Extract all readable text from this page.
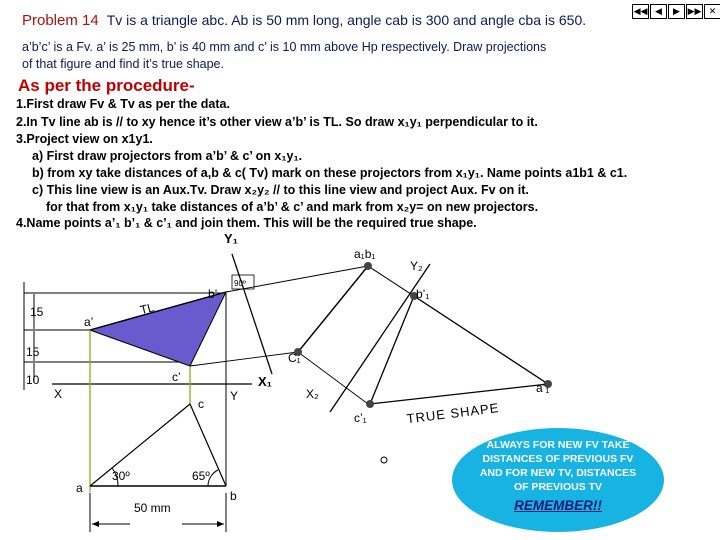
◀◀ ◀	▶ ▶▶ ✕
Problem 14 Tv is a triangle abc. Ab is 50 mm long, angle cab is 300 and angle cba is 650.
a’b’c’ is a Fv. a’ is 25 mm, b’ is 40 mm and c’ is 10 mm above Hp respectively. Draw projections
of that figure and find it’s true shape.
As per the procedure-
1.First draw Fv & Tv as per the data.
2.In Tv line ab is // to xy hence it’s other view a’b’ is TL. So draw x₁y₁ perpendicular to it.
3.Project view on x1y1.
a) First draw projectors from a’b’ & c’ on x₁y₁.
b) from xy take distances of a,b & c( Tv) mark on these projectors from x₁y₁. Name points a1b1 & c1.
c) This line view is an Aux.Tv. Draw x₂y₂ // to this line view and project Aux. Fv on it.
for that from x₁y₁ take distances of a’b’ & c’ and mark from x₂y= on new projectors.
4.Name points a’₁ b’₁ & c’₁ and join them. This will be the required true shape.
15
15
10
X	Y
a’
b’
c’
TL
90º
a
b
c
30º	65º
50 mm
X₁
Y₁
a₁b₁
C₁
X₂
Y₂
b’₁
a’₁
c’₁	TRUE SHAPE
ALWAYS FOR NEW FV TAKE
DISTANCES OF PREVIOUS FV
AND FOR NEW TV, DISTANCES
OF PREVIOUS TV
REMEMBER!!
